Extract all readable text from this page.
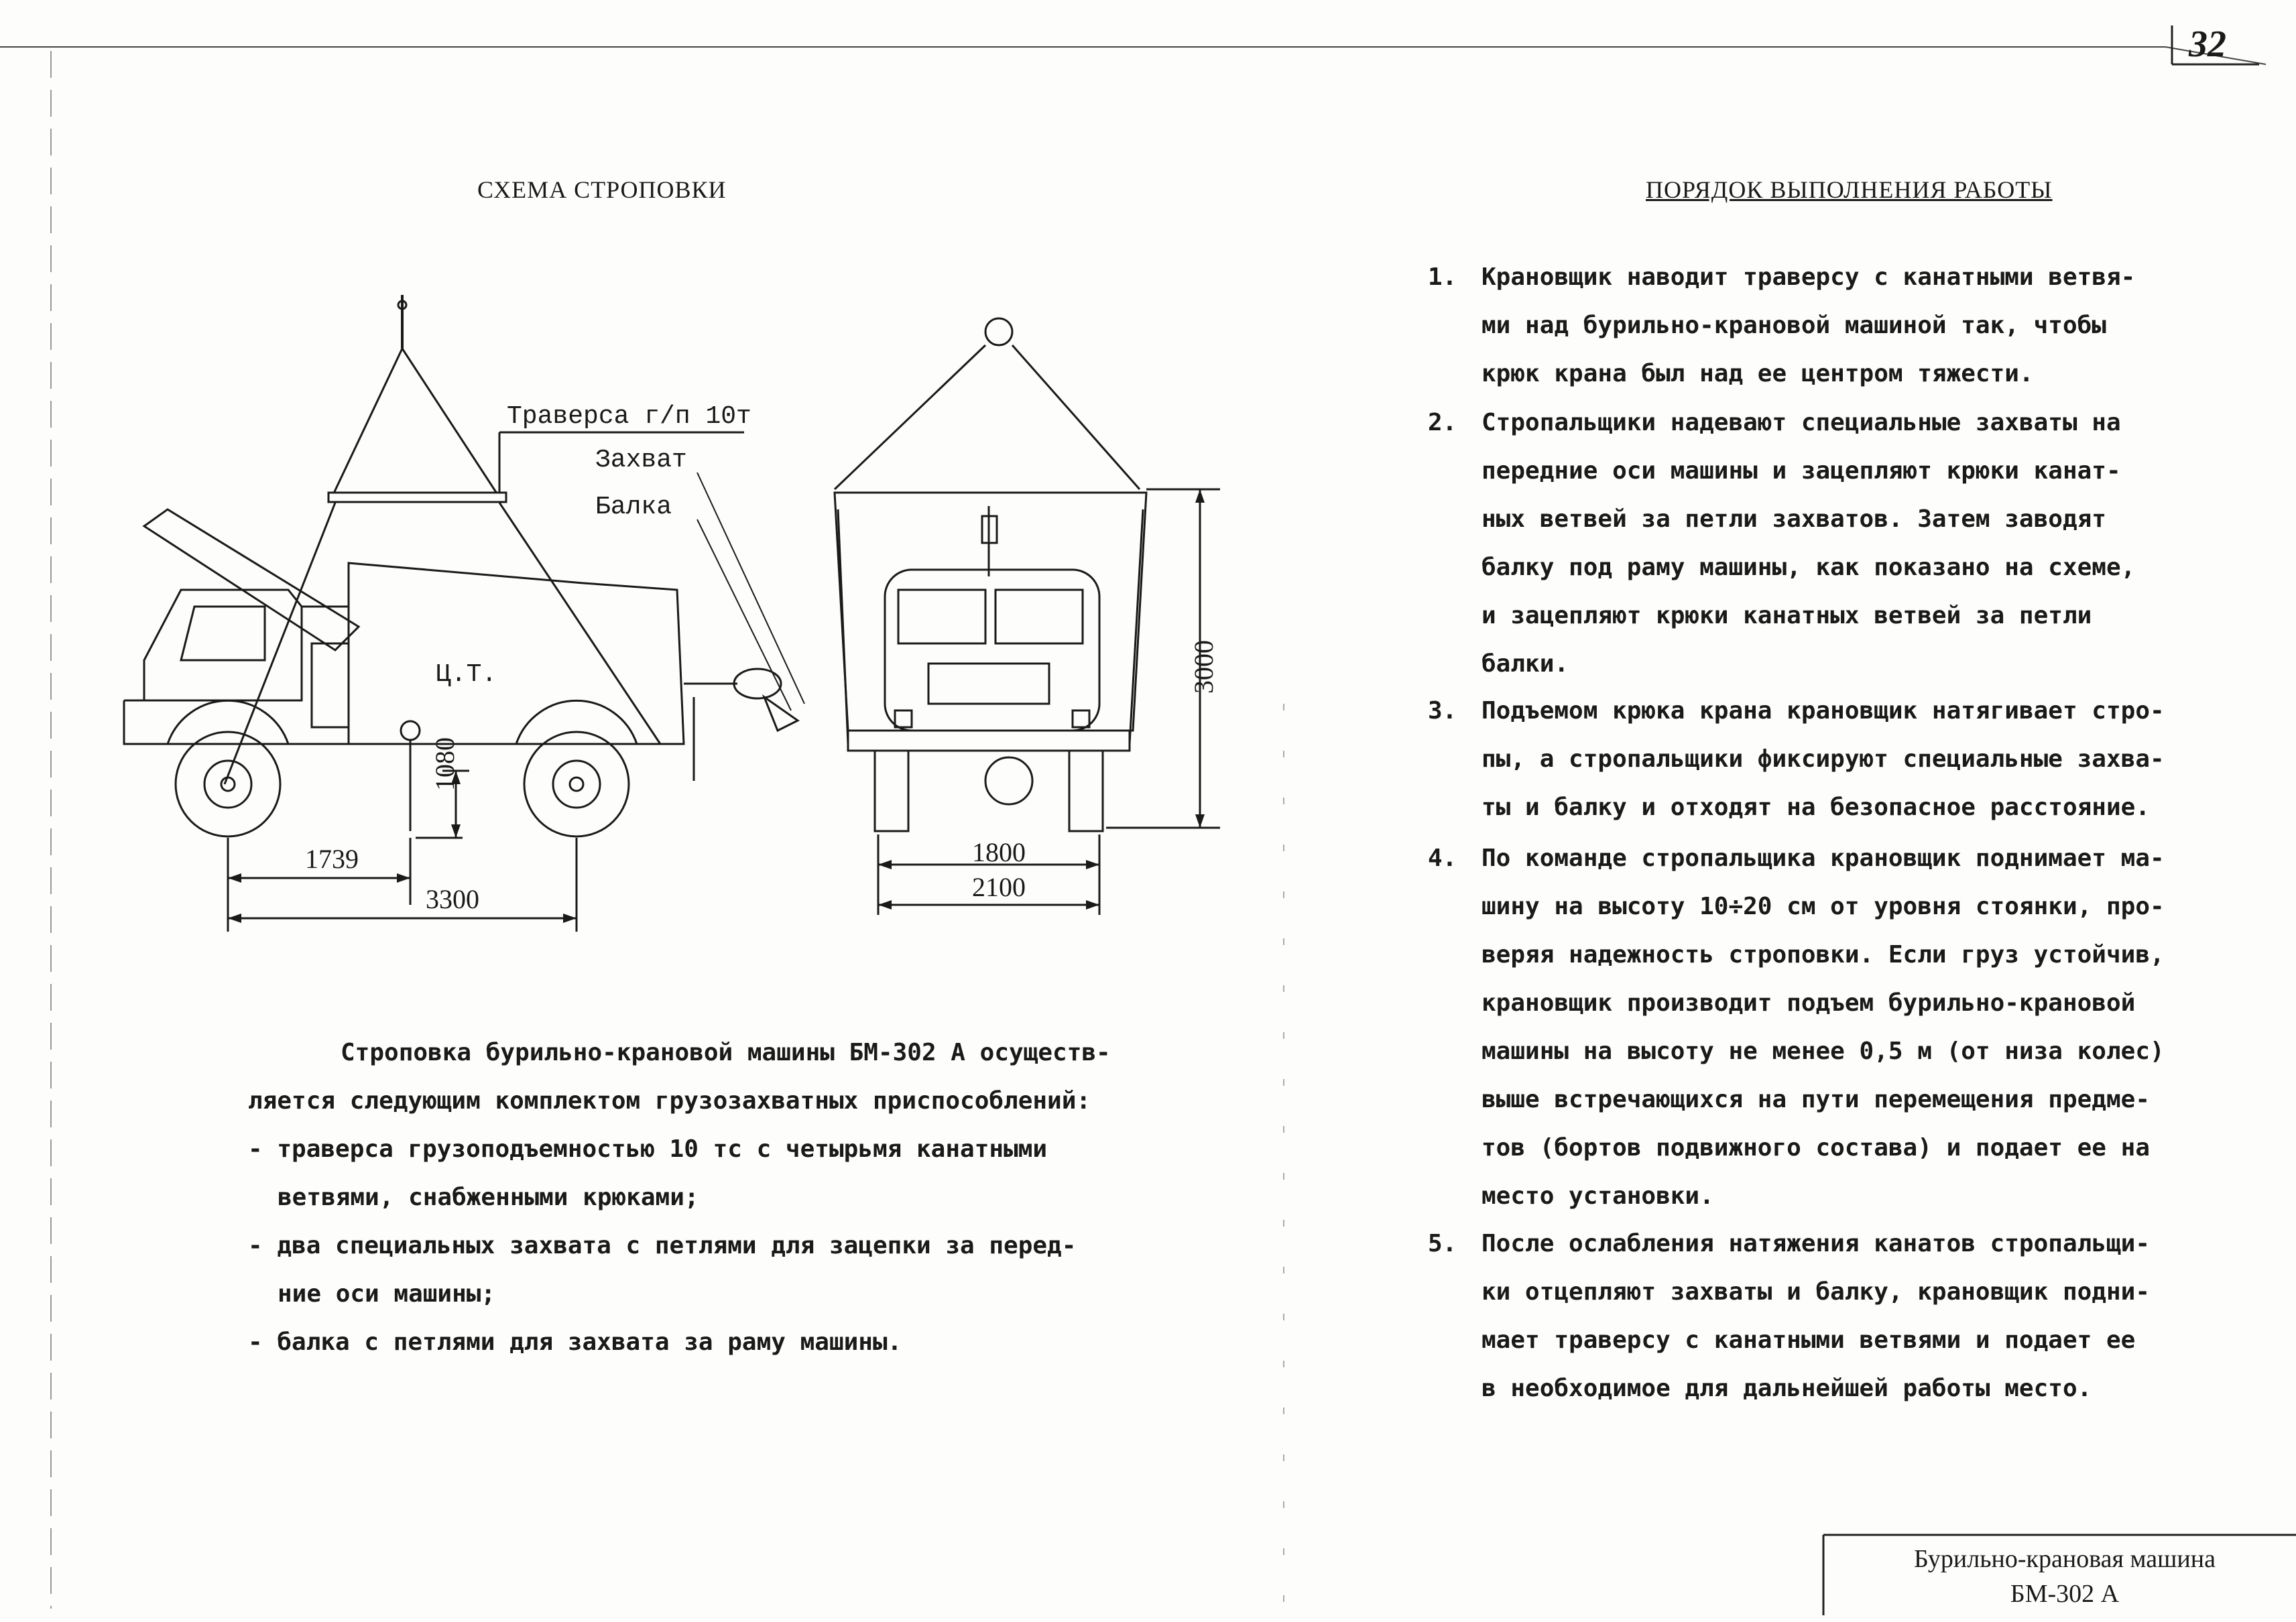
32
СХЕМА СТРОПОВКИ
Траверса г/п 10т
Захват
Балка
Ц.Т.
1739
3300
1080
1800
2100
3000
Строповка бурильно-крановой машины БМ-302 А осуществ-
ляется следующим комплектом грузозахватных приспособлений:
- траверса грузоподъемностью 10 тс с четырьмя канатными
ветвями, снабженными крюками;
- два специальных захвата с петлями для зацепки за перед-
ние оси машины;
- балка с петлями для захвата за раму машины.
ПОРЯДОК ВЫПОЛНЕНИЯ РАБОТЫ
1. Крановщик наводит траверсу с канатными ветвя-
ми над бурильно-крановой машиной так, чтобы
крюк крана был над ее центром тяжести.
2. Стропальщики надевают специальные захваты на
передние оси машины и зацепляют крюки канат-
ных ветвей за петли захватов. Затем заводят
балку под раму машины, как показано на схеме,
и зацепляют крюки канатных ветвей за петли
балки.
3. Подъемом крюка крана крановщик натягивает стро-
пы, а стропальщики фиксируют специальные захва-
ты и балку и отходят на безопасное расстояние.
4. По команде стропальщика крановщик поднимает ма-
шину на высоту 10÷20 см от уровня стоянки, про-
веряя надежность строповки. Если груз устойчив,
крановщик производит подъем бурильно-крановой
машины на высоту не менее 0,5 м (от низа колес)
выше встречающихся на пути перемещения предме-
тов (бортов подвижного состава) и подает ее на
место установки.
5. После ослабления натяжения канатов стропальщи-
ки отцепляют захваты и балку, крановщик подни-
мает траверсу с канатными ветвями и подает ее
в необходимое для дальнейшей работы место.
Бурильно-крановая машина
БМ-302 А
